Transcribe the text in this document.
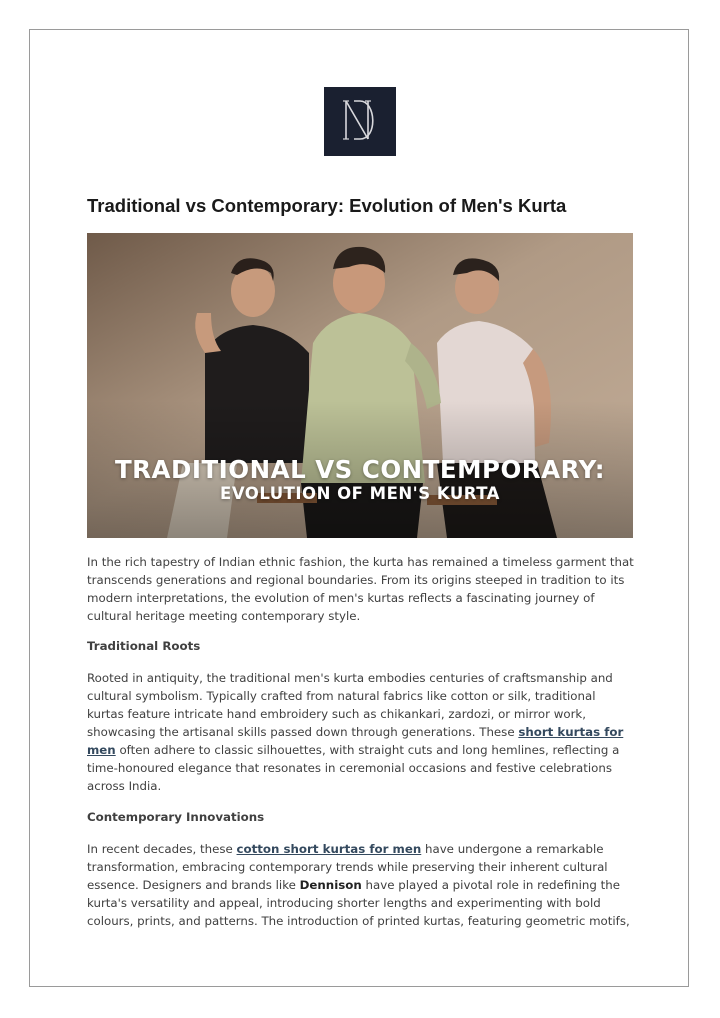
Traditional vs Contemporary: Evolution of Men's Kurta
TRADITIONAL VS CONTEMPORARY:
EVOLUTION OF MEN'S KURTA

In the rich tapestry of Indian ethnic fashion, the kurta has remained a timeless garment that transcends generations and regional boundaries. From its origins steeped in tradition to its modern interpretations, the evolution of men's kurtas reflects a fascinating journey of cultural heritage meeting contemporary style.

Traditional Roots

Rooted in antiquity, the traditional men's kurta embodies centuries of craftsmanship and cultural symbolism. Typically crafted from natural fabrics like cotton or silk, traditional kurtas feature intricate hand embroidery such as chikankari, zardozi, or mirror work, showcasing the artisanal skills passed down through generations. These short kurtas for men often adhere to classic silhouettes, with straight cuts and long hemlines, reflecting a time-honoured elegance that resonates in ceremonial occasions and festive celebrations across India.

Contemporary Innovations

In recent decades, these cotton short kurtas for men have undergone a remarkable transformation, embracing contemporary trends while preserving their inherent cultural essence. Designers and brands like Dennison have played a pivotal role in redefining the kurta's versatility and appeal, introducing shorter lengths and experimenting with bold colours, prints, and patterns. The introduction of printed kurtas, featuring geometric motifs,
